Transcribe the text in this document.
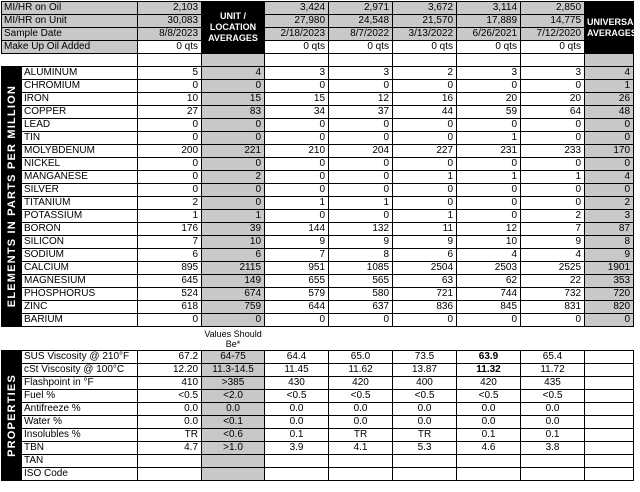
MI/HR on Oil		2,103	UNIT / LOCATION AVERAGES	3,424	2,971	3,672	3,114	2,850	UNIVERSAL AVERAGES
MI/HR on Unit		30,083		27,980	24,548	21,570	17,889	14,775	
Sample Date		8/8/2023		2/18/2023	8/7/2022	3/13/2022	6/26/2021	7/12/2020	
Make Up Oil Added		0 qts		0 qts	0 qts	0 qts	0 qts	0 qts	

ELEMENTS IN PARTS PER MILLION	ALUMINUM	5	4	3	3	2	3	3	4
	CHROMIUM	0	0	0	0	0	0	0	1
	IRON	10	15	15	12	16	20	20	26
	COPPER	27	83	34	37	44	59	64	48
	LEAD	0	0	0	0	0	0	0	0
	TIN	0	0	0	0	0	1	0	0
	MOLYBDENUM	200	221	210	204	227	231	233	170
	NICKEL	0	0	0	0	0	0	0	0
	MANGANESE	0	2	0	0	1	1	1	4
	SILVER	0	0	0	0	0	0	0	0
	TITANIUM	2	0	1	1	0	0	0	2
	POTASSIUM	1	1	0	0	1	0	2	3
	BORON	176	39	144	132	11	12	7	87
	SILICON	7	10	9	9	9	10	9	8
	SODIUM	6	6	7	8	6	4	4	9
	CALCIUM	895	2115	951	1085	2504	2503	2525	1901
	MAGNESIUM	645	149	655	565	63	62	22	353
	PHOSPHORUS	524	674	579	580	721	744	732	720
	ZINC	618	759	644	637	836	845	831	820
	BARIUM	0	0	0	0	0	0	0	0
			Values Should Be*						

PROPERTIES	SUS Viscosity @ 210°F	67.2	64-75	64.4	65.0	73.5	63.9	65.4	
	cSt Viscosity @ 100°C	12.20	11.3-14.5	11.45	11.62	13.87	11.32	11.72	
	Flashpoint in °F	410	>385	430	420	400	420	435	
	Fuel %	<0.5	<2.0	<0.5	<0.5	<0.5	<0.5	<0.5	
	Antifreeze %	0.0	0.0	0.0	0.0	0.0	0.0	0.0	
	Water %	0.0	<0.1	0.0	0.0	0.0	0.0	0.0	
	Insolubles %	TR	<0.6	0.1	TR	TR	0.1	0.1	
	TBN	4.7	>1.0	3.9	4.1	5.3	4.6	3.8	
	TAN								
	ISO Code								
